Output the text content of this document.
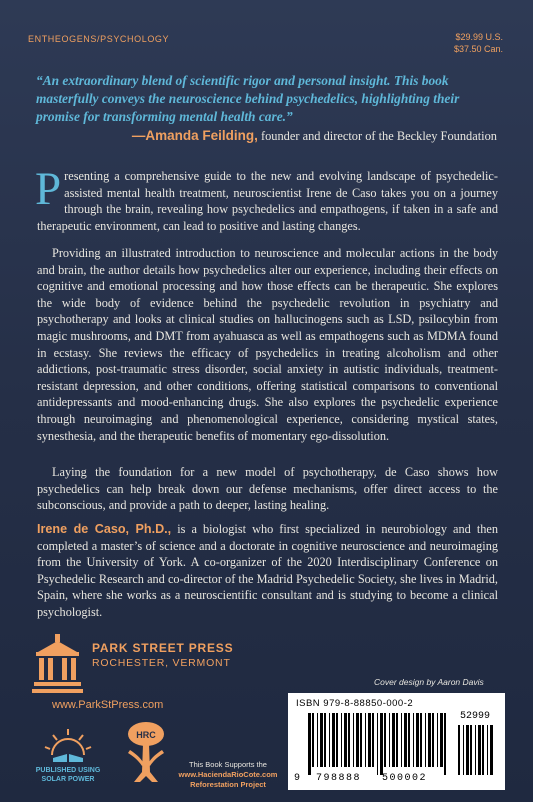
ENTHEOGENS/PSYCHOLOGY	$29.99 U.S.
$37.50 Can.
“An extraordinary blend of scientific rigor and personal insight. This book masterfully conveys the neuroscience behind psychedelics, highlighting their promise for transforming mental health care.”
—Amanda Feilding, founder and director of the Beckley Foundation
Presenting a comprehensive guide to the new and evolving landscape of psychedelic-assisted mental health treatment, neuroscientist Irene de Caso takes you on a journey through the brain, revealing how psychedelics and empathogens, if taken in a safe and therapeutic environment, can lead to positive and lasting changes.
Providing an illustrated introduction to neuroscience and molecular actions in the body and brain, the author details how psychedelics alter our experience, including their effects on cognitive and emotional processing and how those effects can be therapeutic. She explores the wide body of evidence behind the psychedelic revolution in psychiatry and psychotherapy and looks at clinical studies on hallucinogens such as LSD, psilocybin from magic mushrooms, and DMT from ayahuasca as well as empathogens such as MDMA found in ecstasy. She reviews the efficacy of psychedelics in treating alcoholism and other addictions, post-traumatic stress disorder, social anxiety in autistic individuals, treatment-resistant depression, and other conditions, offering statistical comparisons to conventional antidepressants and mood-enhancing drugs. She also explores the psychedelic experience through neuroimaging and phenomenological experience, considering mystical states, synesthesia, and the therapeutic benefits of momentary ego-dissolution.
Laying the foundation for a new model of psychotherapy, de Caso shows how psychedelics can help break down our defense mechanisms, offer direct access to the subconscious, and provide a path to deeper, lasting healing.
Irene de Caso, Ph.D., is a biologist who first specialized in neurobiology and then completed a master’s of science and a doctorate in cognitive neuroscience and neuroimaging from the University of York. A co-organizer of the 2020 Interdisciplinary Conference on Psychedelic Research and co-director of the Madrid Psychedelic Society, she lives in Madrid, Spain, where she works as a neuroscientific consultant and is studying to become a clinical psychologist.
PARK STREET PRESS
ROCHESTER, VERMONT
www.ParkStPress.com
PUBLISHED USING
SOLAR POWER
HRC
This Book Supports the
www.HaciendaRioCote.com
Reforestation Project
Cover design by Aaron Davis
ISBN 979-8-88850-000-2
52999
9 798888 500002
